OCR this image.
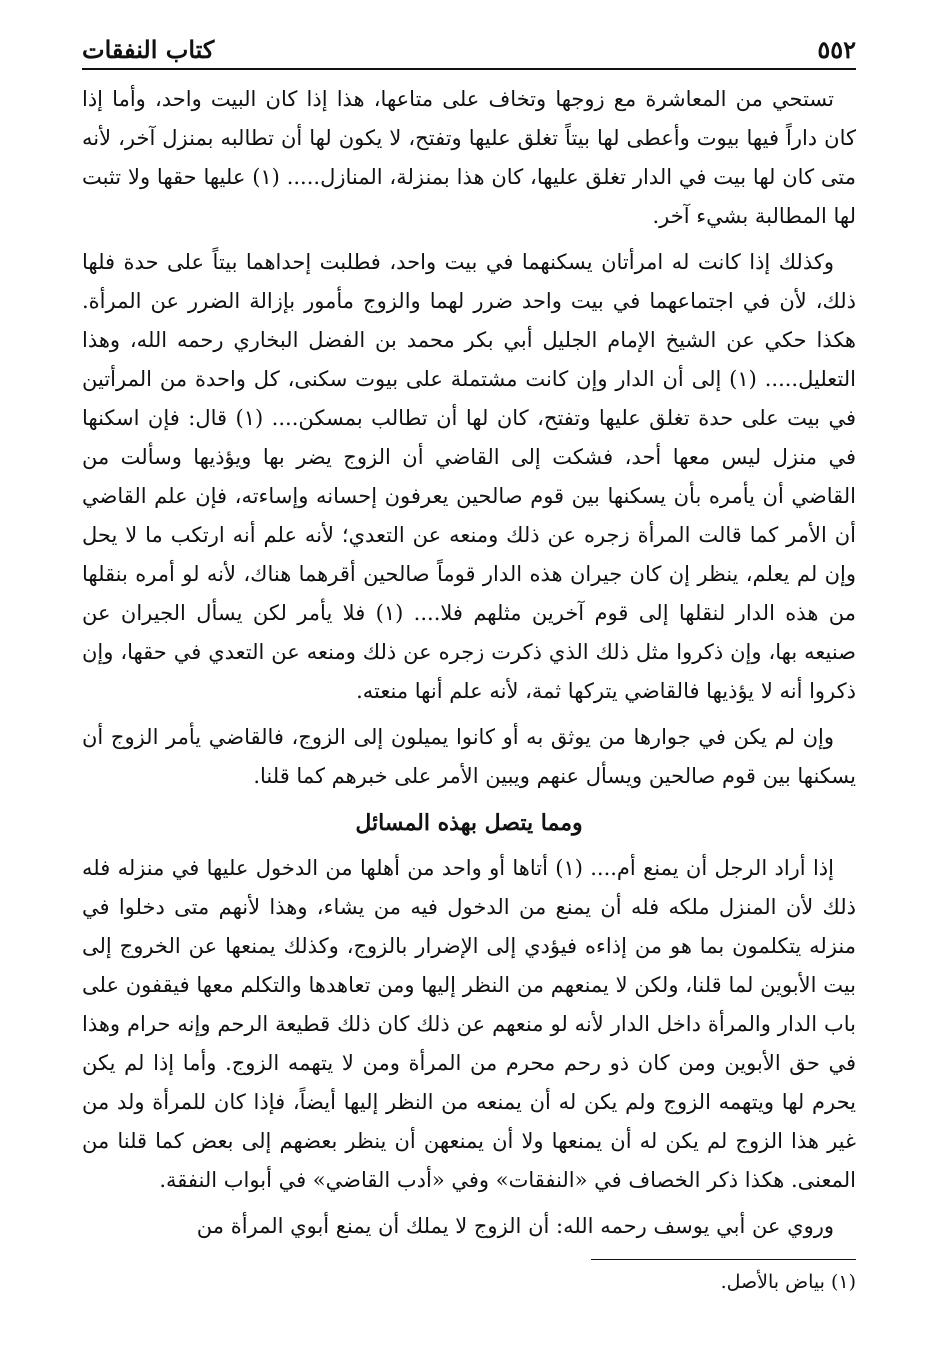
كتاب النفقات	٥٥٢

تستحي من المعاشرة مع زوجها وتخاف على متاعها، هذا إذا كان البيت واحد، وأما إذا كان داراً فيها بيوت وأعطى لها بيتاً تغلق عليها وتفتح، لا يكون لها أن تطالبه بمنزل آخر، لأنه متى كان لها بيت في الدار تغلق عليها، كان هذا بمنزلة، المنازل..... (١) عليها حقها ولا تثبت لها المطالبة بشيء آخر.

وكذلك إذا كانت له امرأتان يسكنهما في بيت واحد، فطلبت إحداهما بيتاً على حدة فلها ذلك، لأن في اجتماعهما في بيت واحد ضرر لهما والزوج مأمور بإزالة الضرر عن المرأة. هكذا حكي عن الشيخ الإمام الجليل أبي بكر محمد بن الفضل البخاري رحمه الله، وهذا التعليل..... (١) إلى أن الدار وإن كانت مشتملة على بيوت سكنى، كل واحدة من المرأتين في بيت على حدة تغلق عليها وتفتح، كان لها أن تطالب بمسكن.... (١) قال: فإن اسكنها في منزل ليس معها أحد، فشكت إلى القاضي أن الزوج يضر بها ويؤذيها وسألت من القاضي أن يأمره بأن يسكنها بين قوم صالحين يعرفون إحسانه وإساءته، فإن علم القاضي أن الأمر كما قالت المرأة زجره عن ذلك ومنعه عن التعدي؛ لأنه علم أنه ارتكب ما لا يحل وإن لم يعلم، ينظر إن كان جيران هذه الدار قوماً صالحين أقرهما هناك، لأنه لو أمره بنقلها من هذه الدار لنقلها إلى قوم آخرين مثلهم فلا.... (١) فلا يأمر لكن يسأل الجيران عن صنيعه بها، وإن ذكروا مثل ذلك الذي ذكرت زجره عن ذلك ومنعه عن التعدي في حقها، وإن ذكروا أنه لا يؤذيها فالقاضي يتركها ثمة، لأنه علم أنها منعته.

وإن لم يكن في جوارها من يوثق به أو كانوا يميلون إلى الزوج، فالقاضي يأمر الزوج أن يسكنها بين قوم صالحين ويسأل عنهم ويبين الأمر على خبرهم كما قلنا.

ومما يتصل بهذه المسائل

إذا أراد الرجل أن يمنع أم.... (١) أتاها أو واحد من أهلها من الدخول عليها في منزله فله ذلك لأن المنزل ملكه فله أن يمنع من الدخول فيه من يشاء، وهذا لأنهم متى دخلوا في منزله يتكلمون بما هو من إذاءه فيؤدي إلى الإضرار بالزوج، وكذلك يمنعها عن الخروج إلى بيت الأبوين لما قلنا، ولكن لا يمنعهم من النظر إليها ومن تعاهدها والتكلم معها فيقفون على باب الدار والمرأة داخل الدار لأنه لو منعهم عن ذلك كان ذلك قطيعة الرحم وإنه حرام وهذا في حق الأبوين ومن كان ذو رحم محرم من المرأة ومن لا يتهمه الزوج. وأما إذا لم يكن يحرم لها ويتهمه الزوج ولم يكن له أن يمنعه من النظر إليها أيضاً، فإذا كان للمرأة ولد من غير هذا الزوج لم يكن له أن يمنعها ولا أن يمنعهن أن ينظر بعضهم إلى بعض كما قلنا من المعنى. هكذا ذكر الخصاف في «النفقات» وفي «أدب القاضي» في أبواب النفقة.

وروي عن أبي يوسف رحمه الله: أن الزوج لا يملك أن يمنع أبوي المرأة من

(١) بياض بالأصل.
